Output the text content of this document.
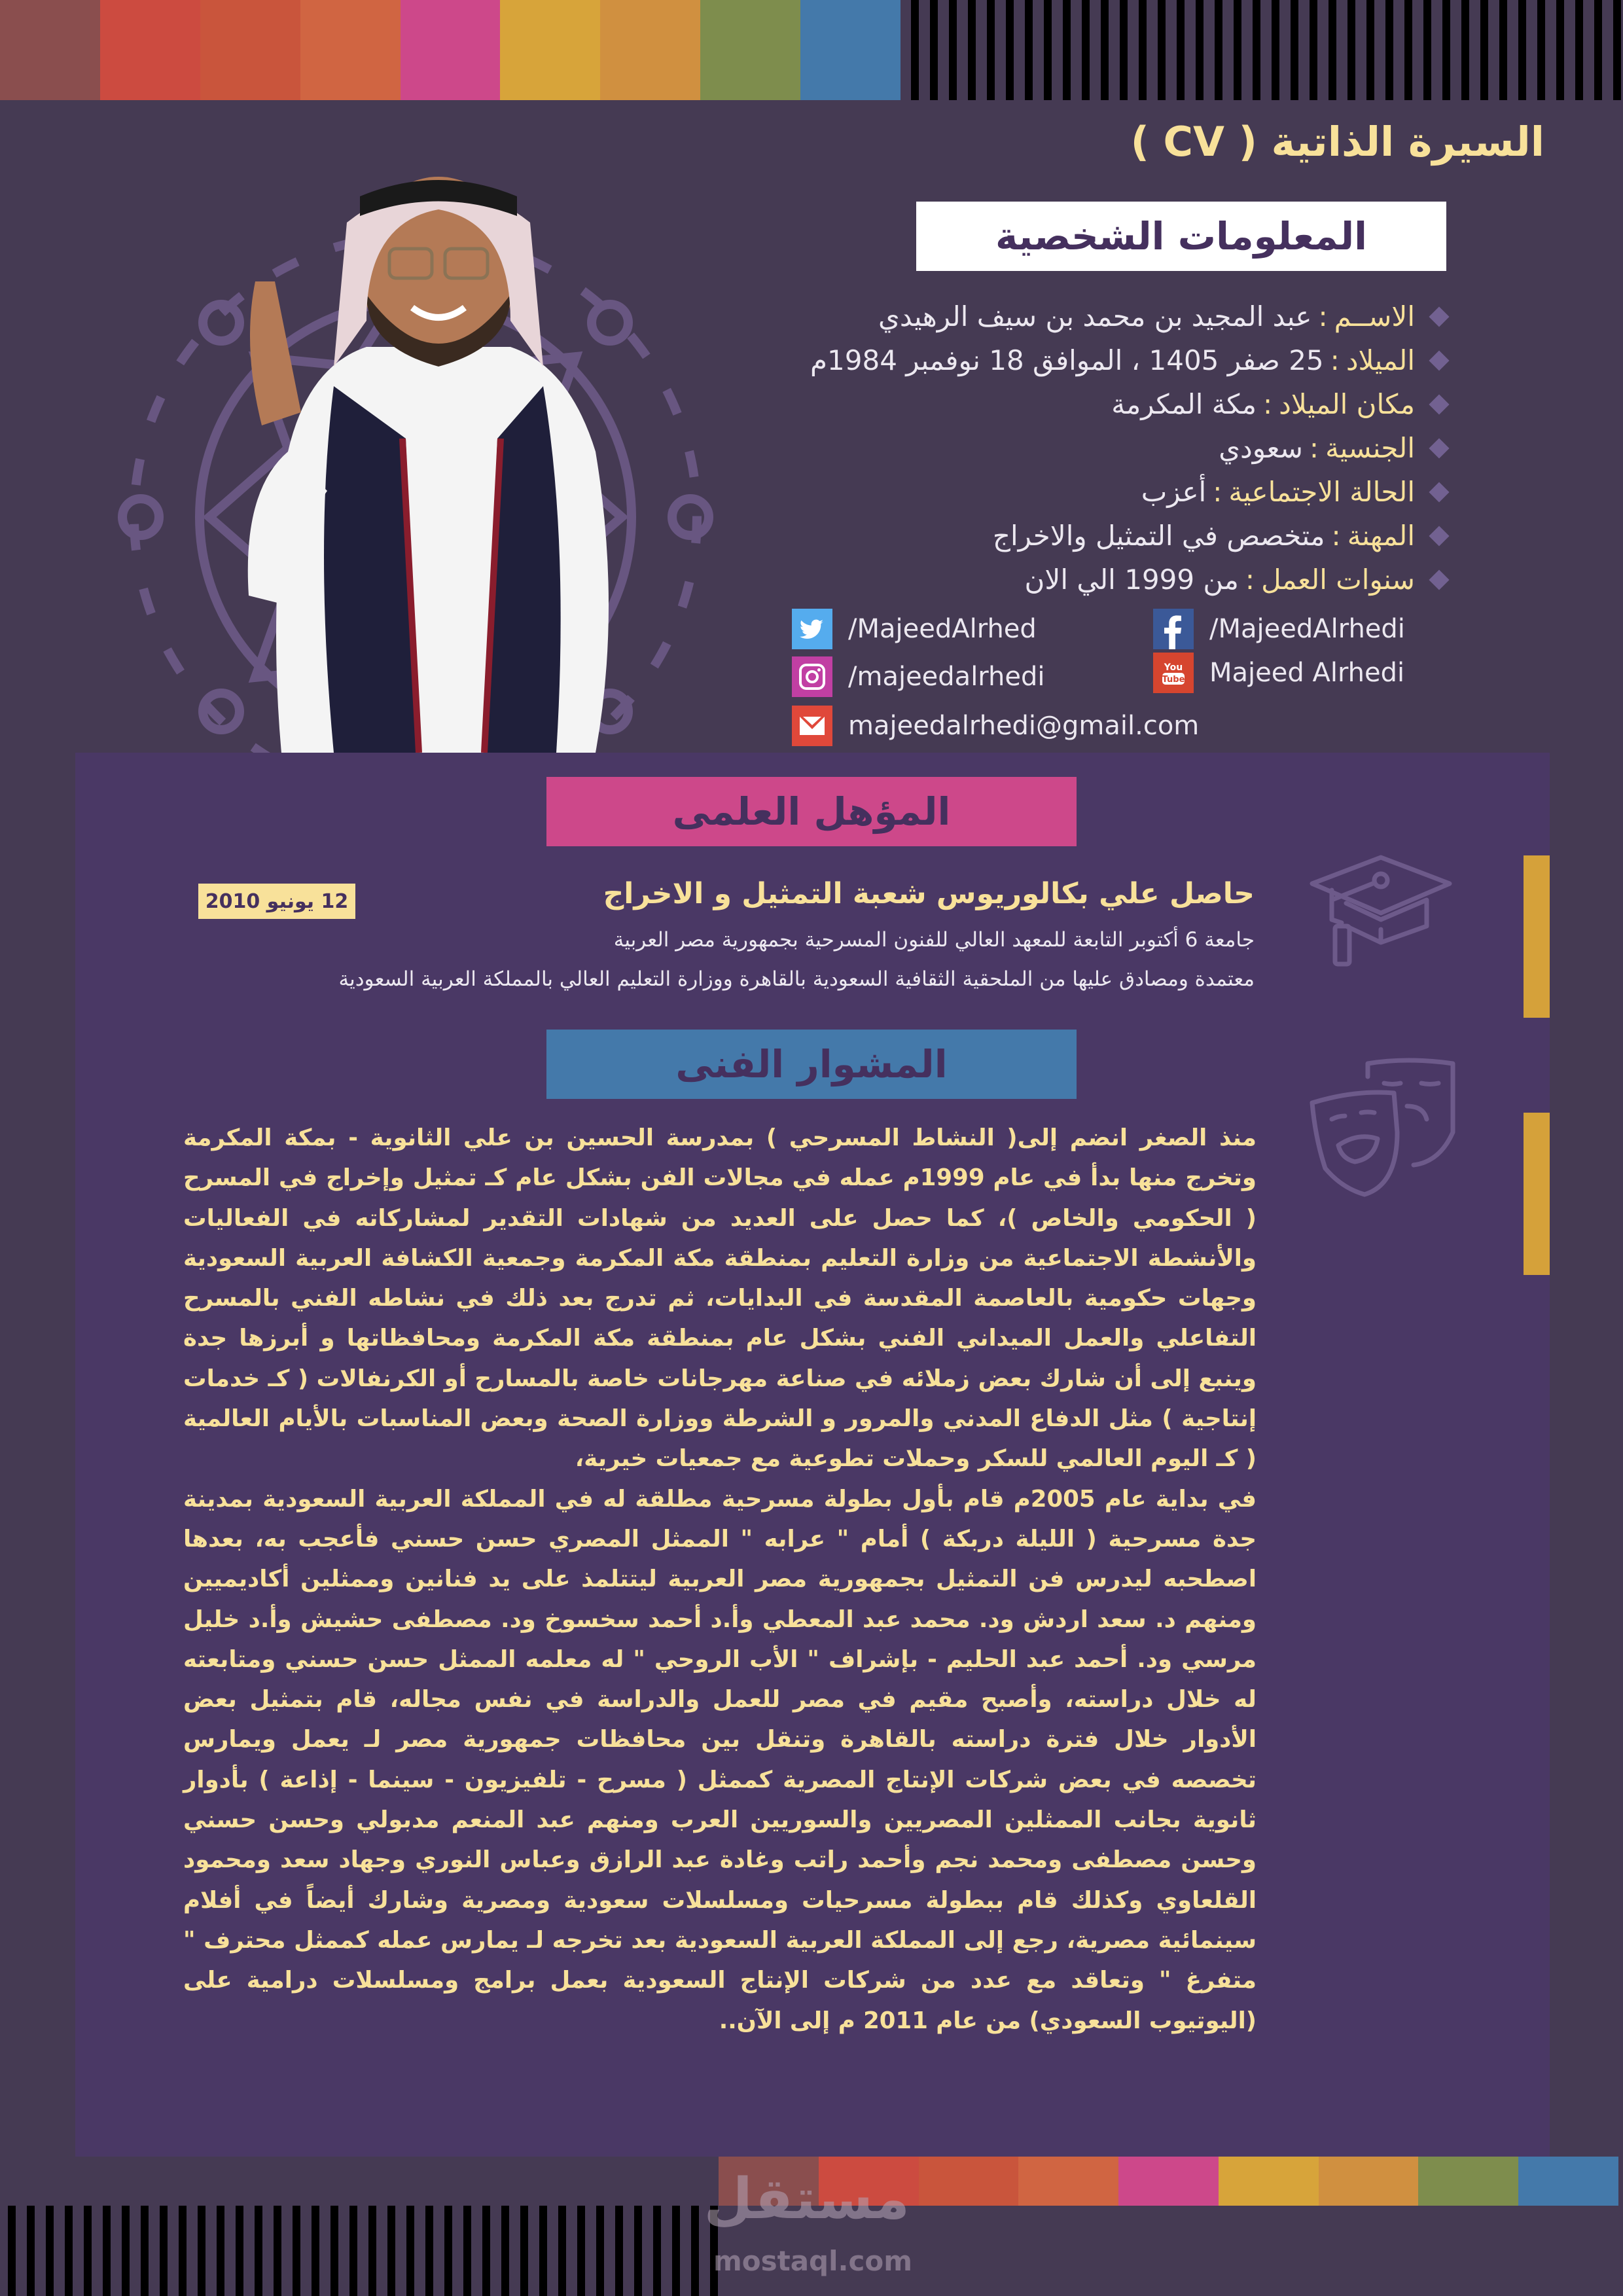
السيرة الذاتية ( CV )
المعلومات الشخصية
الاســم
:
عبد المجيد بن محمد بن سيف الرهيدي
الميلاد
:
25 صفر 1405 ، الموافق 18 نوفمبر 1984م
مكان الميلاد
:
مكة المكرمة
الجنسية
:
سعودي
الحالة الاجتماعية
:
أعزب
المهنة
:
متخصص في التمثيل والاخراج
سنوات العمل
:
من 1999 الي الان
/MajeedAlrhed	/MajeedAlrhedi
/majeedalrhedi	You
Tube Majeed Alrhedi
majeedalrhedi@gmail.com
المؤهل العلمى
حاصل علي بكالوريوس شعبة التمثيل و الاخراج
12 يونيو 2010
جامعة 6 أكتوبر التابعة للمعهد العالي للفنون المسرحية بجمهورية مصر العربية
معتمدة ومصادق عليها من الملحقية الثقافية السعودية بالقاهرة ووزارة التعليم العالي بالمملكة العربية السعودية
المشوار الفنى

منذ الصغر انضم إلى( النشاط المسرحي ) بمدرسة الحسين بن علي الثانوية - بمكة المكرمة وتخرج منها بدأ في عام 1999م عمله في مجالات الفن بشكل عام كـ تمثيل وإخراج في المسرح ( الحكومي والخاص )، كما حصل على العديد من شهادات التقدير لمشاركاته في الفعاليات والأنشطة الاجتماعية من وزارة التعليم بمنطقة مكة المكرمة وجمعية الكشافة العربية السعودية وجهات حكومية بالعاصمة المقدسة في البدايات، ثم تدرج بعد ذلك في نشاطه الفني بالمسرح التفاعلي والعمل الميداني الفني بشكل عام بمنطقة مكة المكرمة ومحافظاتها و أبرزها جدة وينبع إلى أن شارك بعض زملائه في صناعة مهرجانات خاصة بالمسارح أو الكرنفالات ( كـ خدمات إنتاجية ) مثل الدفاع المدني والمرور و الشرطة ووزارة الصحة وبعض المناسبات بالأيام العالمية ( كـ اليوم العالمي للسكر وحملات تطوعية مع جمعيات خيرية،

في بداية عام 2005م قام بأول بطولة مسرحية مطلقة له في المملكة العربية السعودية بمدينة جدة مسرحية ( الليلة دربكة ) أمام " عرابه " الممثل المصري حسن حسني فأعجب به، بعدها اصطحبه ليدرس فن التمثيل بجمهورية مصر العربية ليتتلمذ على يد فنانين وممثلين أكاديميين ومنهم د. سعد اردش ود. محمد عبد المعطي وأ.د أحمد سخسوخ ود. مصطفى حشيش وأ.د خليل مرسي ود. أحمد عبد الحليم - بإشراف " الأب الروحي " له معلمه الممثل حسن حسني ومتابعته له خلال دراسته، وأصبح مقيم في مصر للعمل والدراسة في نفس مجاله، قام بتمثيل بعض الأدوار خلال فترة دراسته بالقاهرة وتنقل بين محافظات جمهورية مصر لـ يعمل ويمارس تخصصه في بعض شركات الإنتاج المصرية كممثل ( مسرح - تلفيزيون - سينما - إذاعة ) بأدوار ثانوية بجانب الممثلين المصريين والسوريين العرب ومنهم عبد المنعم مدبولي وحسن حسني وحسن مصطفى ومحمد نجم وأحمد راتب وغادة عبد الرازق وعباس النوري وجهاد سعد ومحمود القلعاوي وكذلك قام ببطولة مسرحيات ومسلسلات سعودية ومصرية وشارك أيضاً في أفلام سينمائية مصرية، رجع إلى المملكة العربية السعودية بعد تخرجه لـ يمارس عمله كممثل محترف " متفرغ " وتعاقد مع عدد من شركات الإنتاج السعودية بعمل برامج ومسلسلات درامية على (اليوتيوب السعودي) من عام 2011 م إلى الآن..

مستقل
mostaql.com
